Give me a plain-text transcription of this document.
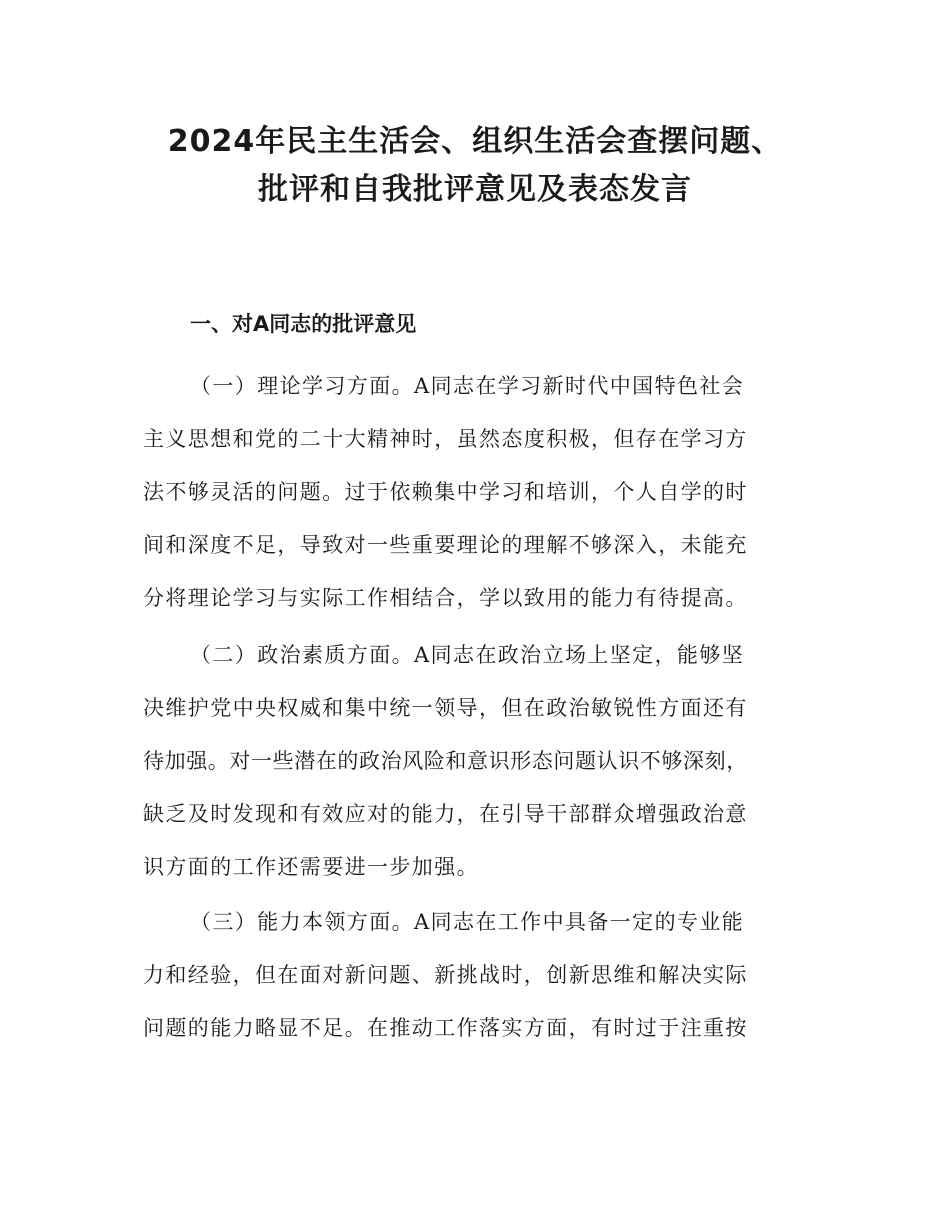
2024年民主生活会、组织生活会查摆问题、
批评和自我批评意见及表态发言
一、对A同志的批评意见
（一）理论学习方面。A同志在学习新时代中国特色社会
主义思想和党的二十大精神时，虽然态度积极，但存在学习方
法不够灵活的问题。过于依赖集中学习和培训，个人自学的时
间和深度不足，导致对一些重要理论的理解不够深入，未能充
分将理论学习与实际工作相结合，学以致用的能力有待提高。
（二）政治素质方面。A同志在政治立场上坚定，能够坚
决维护党中央权威和集中统一领导，但在政治敏锐性方面还有
待加强。对一些潜在的政治风险和意识形态问题认识不够深刻，
缺乏及时发现和有效应对的能力，在引导干部群众增强政治意
识方面的工作还需要进一步加强。
（三）能力本领方面。A同志在工作中具备一定的专业能
力和经验，但在面对新问题、新挑战时，创新思维和解决实际
问题的能力略显不足。在推动工作落实方面，有时过于注重按
